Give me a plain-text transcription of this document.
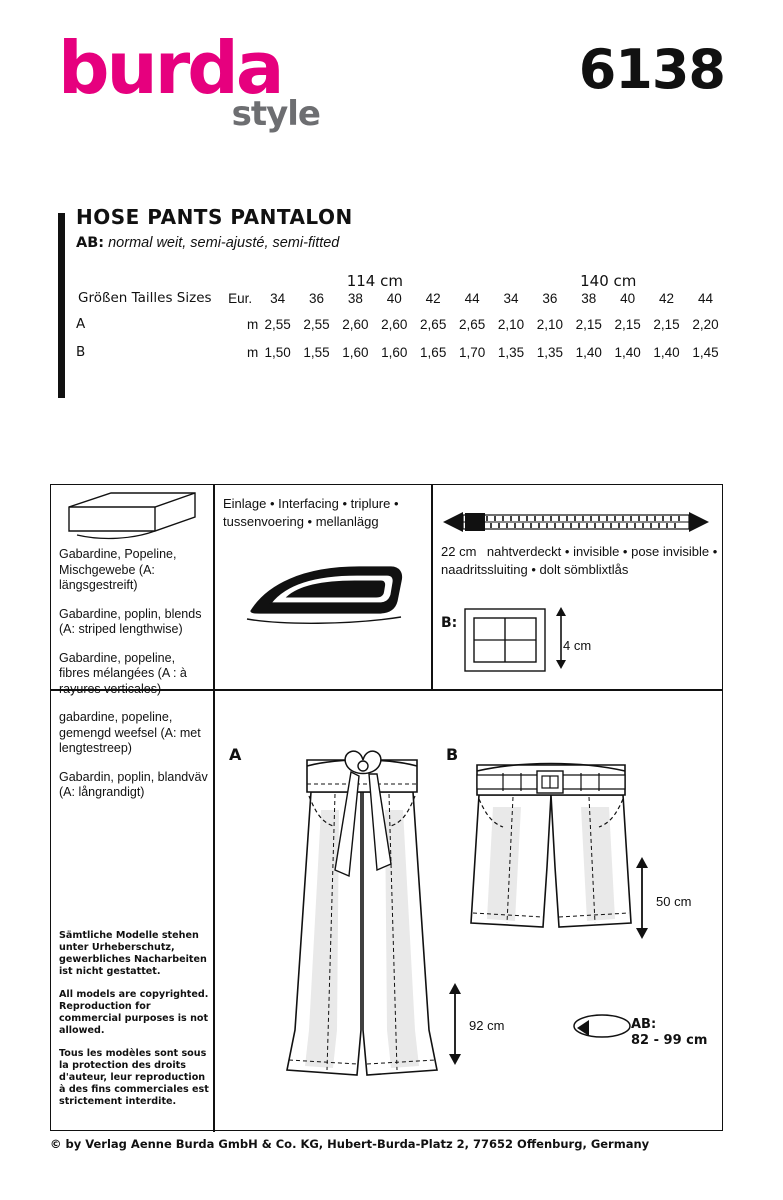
burda
style
6138
HOSE PANTS PANTALON
AB: normal weit, semi-ajusté, semi-fitted
		114 cm						140 cm					
Größen Tailles Sizes	Eur.	34	36	38	40	42	44	34	36	38	40	42	44
A	m	2,55	2,55	2,60	2,60	2,65	2,65	2,10	2,10	2,15	2,15	2,15	2,20
B	m	1,50	1,55	1,60	1,60	1,65	1,70	1,35	1,35	1,40	1,40	1,40	1,45

Gabardine, Popeline, Mischgewebe (A: längsgestreift)

Gabardine, poplin, blends (A: striped lengthwise)

Gabardine, popeline, fibres mélangées (A : à rayures verticales)

gabardine, popeline, gemengd weefsel (A: met lengtestreep)

Gabardin, poplin, blandväv (A: långrandigt)

Sämtliche Modelle stehen unter Urheberschutz, gewerbliches Nacharbeiten ist nicht gestattet.

All models are copyrighted. Reproduction for commercial purposes is not allowed.

Tous les modèles sont sous la protection des droits d'auteur, leur reproduction à des fins commerciales est strictement interdite.

Einlage • Interfacing • triplure • tussenvoering • mellanlägg
22 cm nahtverdeckt • invisible • pose invisible • naadritssluiting • dolt sömblixtlås
B:
4 cm
A	B
92 cm
50 cm
AB:
82 - 99 cm
© by Verlag Aenne Burda GmbH & Co. KG, Hubert-Burda-Platz 2, 77652 Offenburg, Germany
